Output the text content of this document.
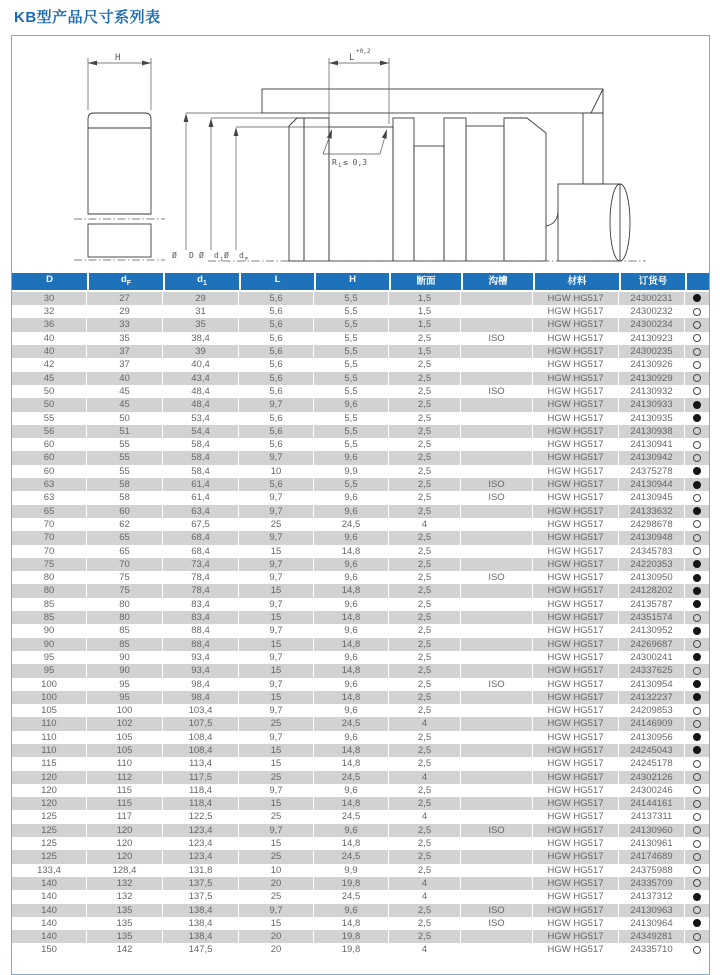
KB型产品尺寸系列表
H	L
+0,2
R 1 ≤ 0,3
Ø D Ø d 1 Ø d F
D	$d_F$	$d_1$	L	H	断面	沟槽	材料	订货号	
30	27	29	5,6	5,5	1,5		HGW HG517	24300231	
32	29	31	5,6	5,5	1,5		HGW HG517	24300232	
36	33	35	5,6	5,5	1,5		HGW HG517	24300234	
40	35	38,4	5,6	5,5	2,5	ISO	HGW HG517	24130923	
40	37	39	5,6	5,5	1,5		HGW HG517	24300235	
42	37	40,4	5,6	5,5	2,5		HGW HG517	24130926	
45	40	43,4	5,6	5,5	2,5		HGW HG517	24130929	
50	45	48,4	5,6	5,5	2,5	ISO	HGW HG517	24130932	
50	45	48,4	9,7	9,6	2,5		HGW HG517	24130933	
55	50	53,4	5,6	5,5	2,5		HGW HG517	24130935	
56	51	54,4	5,6	5,5	2,5		HGW HG517	24130938	
60	55	58,4	5,6	5,5	2,5		HGW HG517	24130941	
60	55	58,4	9,7	9,6	2,5		HGW HG517	24130942	
60	55	58,4	10	9,9	2,5		HGW HG517	24375278	
63	58	61,4	5,6	5,5	2,5	ISO	HGW HG517	24130944	
63	58	61,4	9,7	9,6	2,5	ISO	HGW HG517	24130945	
65	60	63,4	9,7	9,6	2,5		HGW HG517	24133632	
70	62	67,5	25	24,5	4		HGW HG517	24298678	
70	65	68,4	9,7	9,6	2,5		HGW HG517	24130948	
70	65	68,4	15	14,8	2,5		HGW HG517	24345783	
75	70	73,4	9,7	9,6	2,5		HGW HG517	24220353	
80	75	78,4	9,7	9,6	2,5	ISO	HGW HG517	24130950	
80	75	78,4	15	14,8	2,5		HGW HG517	24128202	
85	80	83,4	9,7	9,6	2,5		HGW HG517	24135787	
85	80	83,4	15	14,8	2,5		HGW HG517	24351574	
90	85	88,4	9,7	9,6	2,5		HGW HG517	24130952	
90	85	88,4	15	14,8	2,5		HGW HG517	24269687	
95	90	93,4	9,7	9,6	2,5		HGW HG517	24300241	
95	90	93,4	15	14,8	2,5		HGW HG517	24337625	
100	95	98,4	9,7	9,6	2,5	ISO	HGW HG517	24130954	
100	95	98,4	15	14,8	2,5		HGW HG517	24132237	
105	100	103,4	9,7	9,6	2,5		HGW HG517	24209853	
110	102	107,5	25	24,5	4		HGW HG517	24146909	
110	105	108,4	9,7	9,6	2,5		HGW HG517	24130956	
110	105	108,4	15	14,8	2,5		HGW HG517	24245043	
115	110	113,4	15	14,8	2,5		HGW HG517	24245178	
120	112	117,5	25	24,5	4		HGW HG517	24302126	
120	115	118,4	9,7	9,6	2,5		HGW HG517	24300246	
120	115	118,4	15	14,8	2,5		HGW HG517	24144161	
125	117	122,5	25	24,5	4		HGW HG517	24137311	
125	120	123,4	9,7	9,6	2,5	ISO	HGW HG517	24130960	
125	120	123,4	15	14,8	2,5		HGW HG517	24130961	
125	120	123,4	25	24,5	2,5		HGW HG517	24174689	
133,4	128,4	131,8	10	9,9	2,5		HGW HG517	24375988	
140	132	137,5	20	19,8	4		HGW HG517	24335709	
140	132	137,5	25	24,5	4		HGW HG517	24137312	
140	135	138,4	9,7	9,6	2,5	ISO	HGW HG517	24130963	
140	135	138,4	15	14,8	2,5	ISO	HGW HG517	24130964	
140	135	138,4	20	19,8	2,5		HGW HG517	24349281	
150	142	147,5	20	19,8	4		HGW HG517	24335710	
